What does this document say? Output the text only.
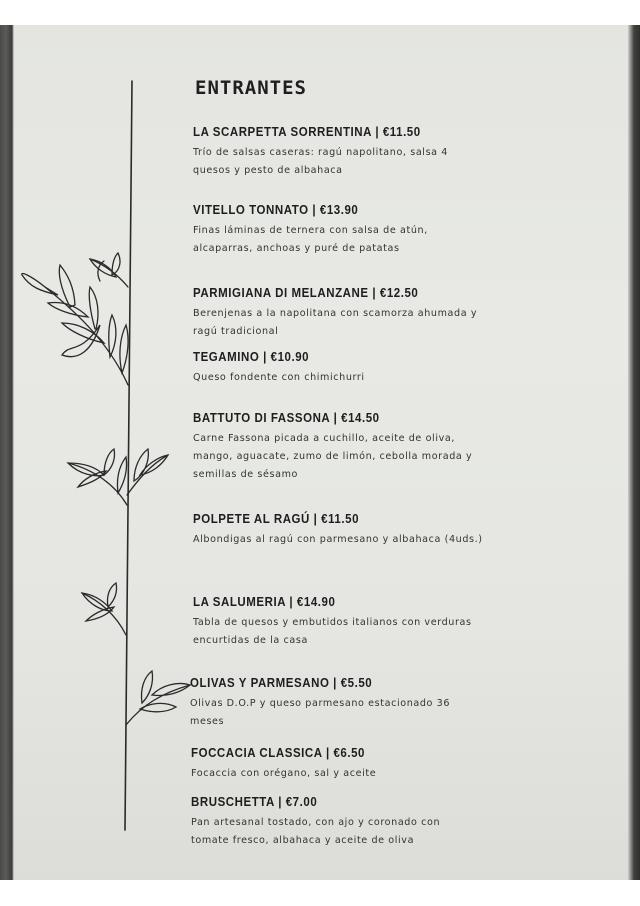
ENTRANTES
LA SCARPETTA SORRENTINA | €11.50
Trío de salsas caseras: ragú napolitano, salsa 4 quesos y pesto de albahaca
VITELLO TONNATO | €13.90
Finas láminas de ternera con salsa de atún, alcaparras, anchoas y puré de patatas
PARMIGIANA DI MELANZANE | €12.50
Berenjenas a la napolitana con scamorza ahumada y ragú tradicional
TEGAMINO | €10.90
Queso fondente con chimichurri
BATTUTO DI FASSONA | €14.50
Carne Fassona picada a cuchillo, aceite de oliva, mango, aguacate, zumo de limón, cebolla morada y semillas de sésamo
POLPETE AL RAGÚ | €11.50
Albondigas al ragú con parmesano y albahaca (4uds.)
LA SALUMERIA | €14.90
Tabla de quesos y embutidos italianos con verduras encurtidas de la casa
OLIVAS Y PARMESANO | €5.50
Olivas D.O.P y queso parmesano estacionado 36 meses
FOCCACIA CLASSICA | €6.50
Focaccia con orégano, sal y aceite
BRUSCHETTA | €7.00
Pan artesanal tostado, con ajo y coronado con tomate fresco, albahaca y aceite de oliva
